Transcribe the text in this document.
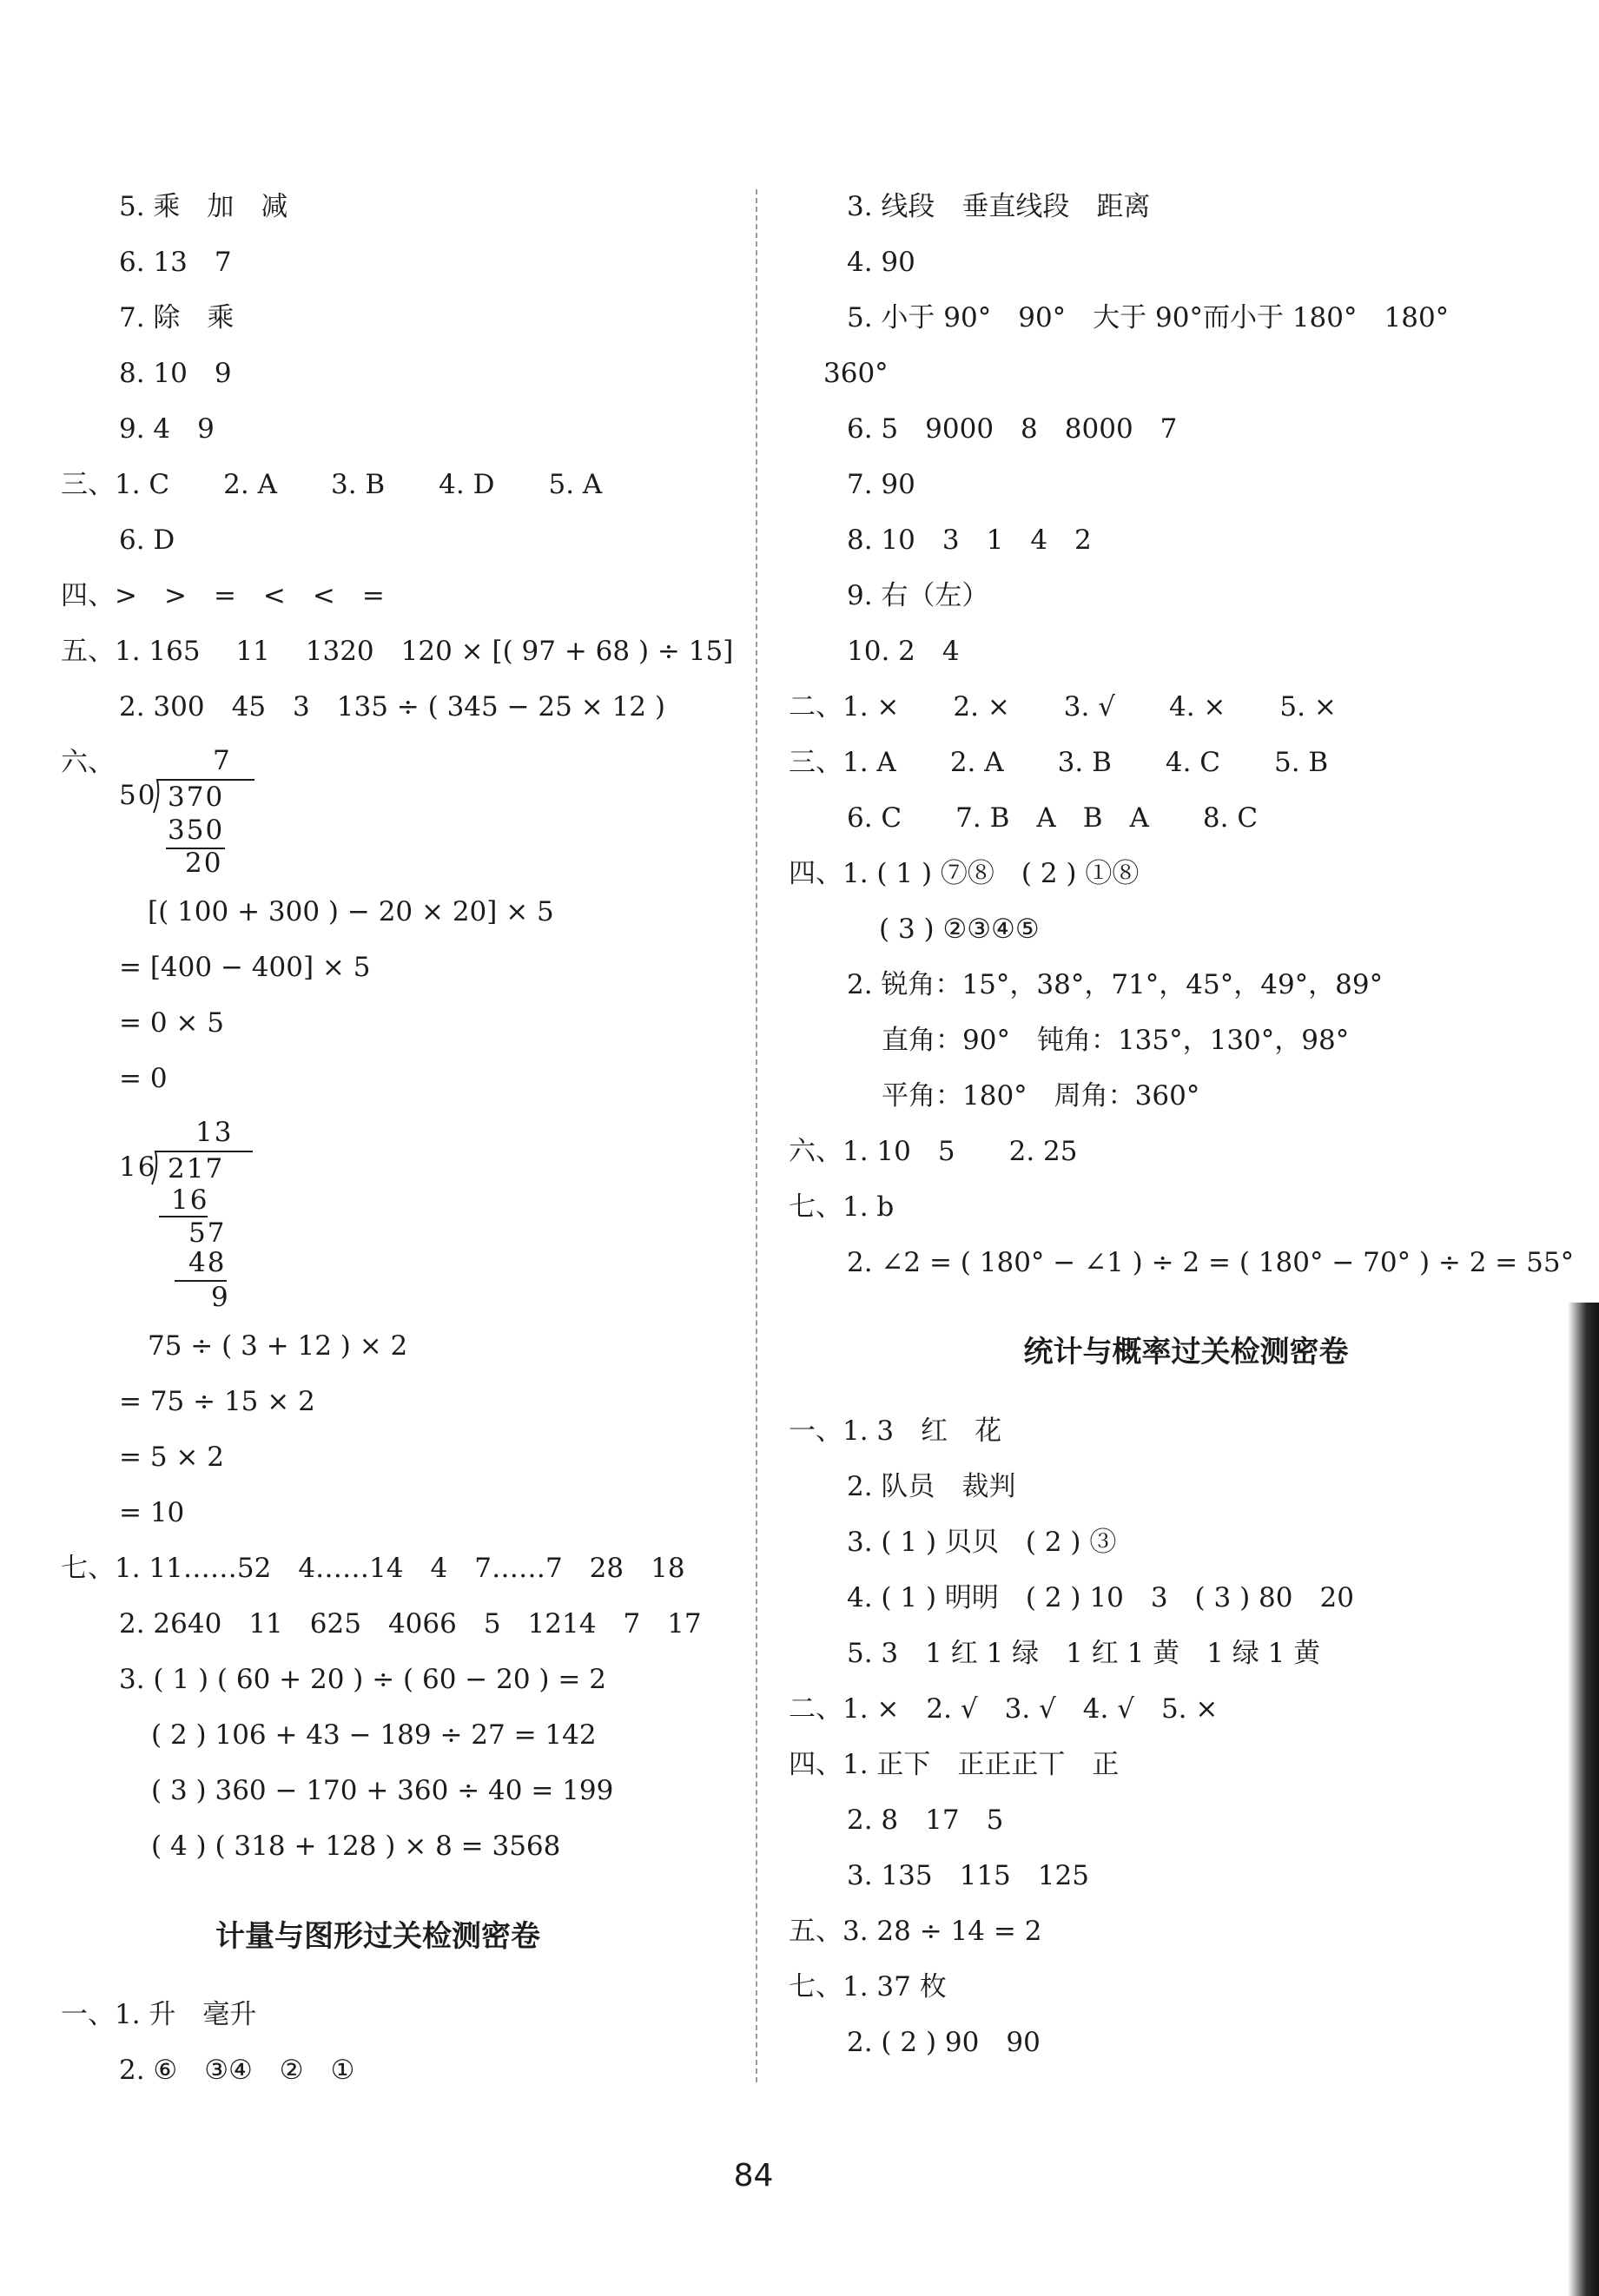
5. 乘　加　减
6. 13　7
7. 除　乘
8. 10　9
9. 4　9
三、1. C　　2. A　　3. B　　4. D　　5. A
6. D
四、>　>　=　<　<　=
五、1. 165　 11　 1320　120 × [( 97 + 68 ) ÷ 15]
2. 300　45　3　135 ÷ ( 345 − 25 × 12 )
六、	7
50 370
350
20
[( 100 + 300 ) − 20 × 20] × 5
= [400 − 400] × 5
= 0 × 5
= 0
13
16 217
16
57
48
9
75 ÷ ( 3 + 12 ) × 2
= 75 ÷ 15 × 2
= 5 × 2
= 10
七、1. 11……52　4……14　4　7……7　28　18
2. 2640　11　625　4066　5　1214　7　17
3. ( 1 ) ( 60 + 20 ) ÷ ( 60 − 20 ) = 2
( 2 ) 106 + 43 − 189 ÷ 27 = 142
( 3 ) 360 − 170 + 360 ÷ 40 = 199
( 4 ) ( 318 + 128 ) × 8 = 3568
计量与图形过关检测密卷
一、1. 升　毫升
2. ⑥　③④　②　①
3. 线段　垂直线段　距离
4. 90
5. 小于 90°　90°　大于 90°而小于 180°　180°
360°
6. 5　9000　8　8000　7
7. 90
8. 10　3　1　4　2
9. 右（左）
10. 2　4
二、1. ×　　2. ×　　3. √　　4. ×　　5. ×
三、1. A　　2. A　　3. B　　4. C　　5. B
6. C　　7. B　A　B　A　　8. C
四、1. ( 1 ) ⑦⑧　( 2 ) ①⑧
( 3 ) ②③④⑤
2. 锐角：15°，38°，71°，45°，49°，89°
直角：90°　钝角：135°，130°，98°
平角：180°　周角：360°
六、1. 10　5　　2. 25
七、1. b
2. ∠2 = ( 180° − ∠1 ) ÷ 2 = ( 180° − 70° ) ÷ 2 = 55°
统计与概率过关检测密卷
一、1. 3　红　花
2. 队员　裁判
3. ( 1 ) 贝贝　( 2 ) ③
4. ( 1 ) 明明　( 2 ) 10　3　( 3 ) 80　20
5. 3　1 红 1 绿　1 红 1 黄　1 绿 1 黄
二、1. ×　2. √　3. √　4. √　5. ×
四、1. 正下　正正正丅　正
2. 8　17　5
3. 135　115　125
五、3. 28 ÷ 14 = 2
七、1. 37 枚
2. ( 2 ) 90　90
84
